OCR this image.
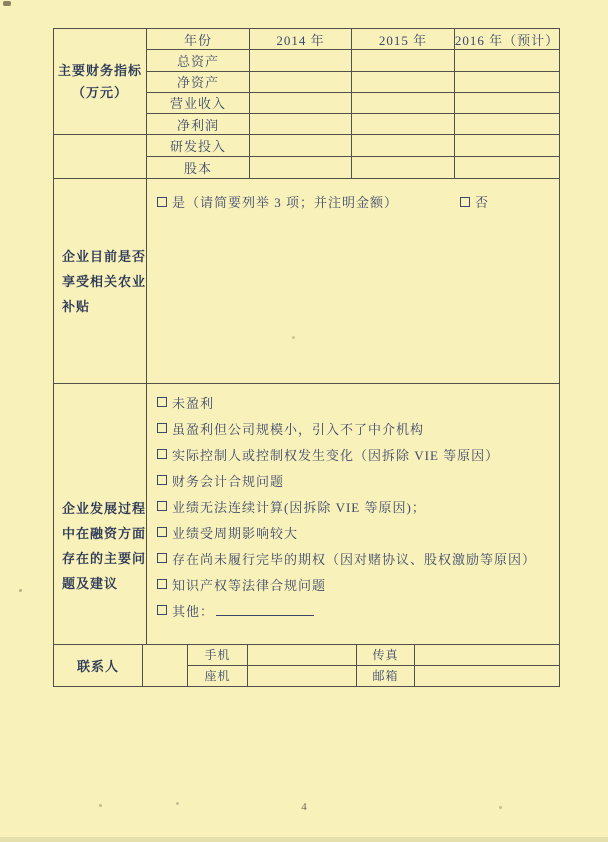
主要财务指标
（万元）
年份	2014 年	2015 年	2016 年（预计）
总资产
净资产
营业收入
净利润
研发投入
股本
企业目前是否
享受相关农业
补贴
是（请简要列举 3 项；并注明金额）	否
企业发展过程
中在融资方面
存在的主要问
题及建议
未盈利
虽盈利但公司规模小，引入不了中介机构
实际控制人或控制权发生变化（因拆除 VIE 等原因）
财务会计合规问题
业绩无法连续计算(因拆除 VIE 等原因)；
业绩受周期影响较大
存在尚未履行完毕的期权（因对赌协议、股权激励等原因）
知识产权等法律合规问题
其他：
联系人
手机	传真
座机	邮箱
4
